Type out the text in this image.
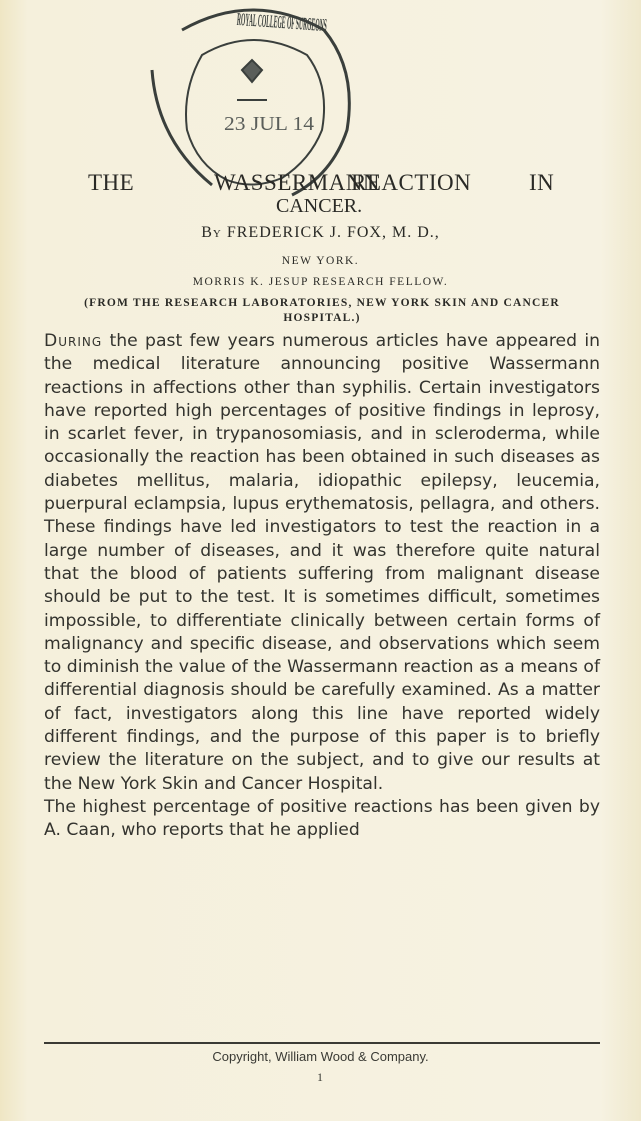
ROYAL COLLEGE OF SURGEONS
23 JUL 14
THE	WASSERMANN
REACTION	IN
CANCER.
By FREDERICK J. FOX, M. D.,
NEW YORK.
MORRIS K. JESUP RESEARCH FELLOW.
(FROM THE RESEARCH LABORATORIES, NEW YORK SKIN AND CANCER HOSPITAL.)

During the past few years numerous articles have appeared in the medical literature announcing positive Wassermann reactions in affections other than syphilis. Certain investigators have reported high percentages of positive findings in leprosy, in scarlet fever, in trypanosomiasis, and in scleroderma, while occasionally the reaction has been obtained in such diseases as diabetes mellitus, malaria, idiopathic epilepsy, leucemia, puerpural eclampsia, lupus erythematosis, pellagra, and others. These findings have led investigators to test the reaction in a large number of diseases, and it was therefore quite natural that the blood of patients suffering from malignant disease should be put to the test. It is sometimes difficult, sometimes impossible, to differentiate clinically between certain forms of malignancy and specific disease, and observations which seem to diminish the value of the Wassermann reaction as a means of differential diagnosis should be carefully examined. As a matter of fact, investigators along this line have reported widely different findings, and the purpose of this paper is to briefly review the literature on the subject, and to give our results at the New York Skin and Cancer Hospital.

The highest percentage of positive reactions has been given by A. Caan, who reports that he applied

Copyright, William Wood & Company.
1
